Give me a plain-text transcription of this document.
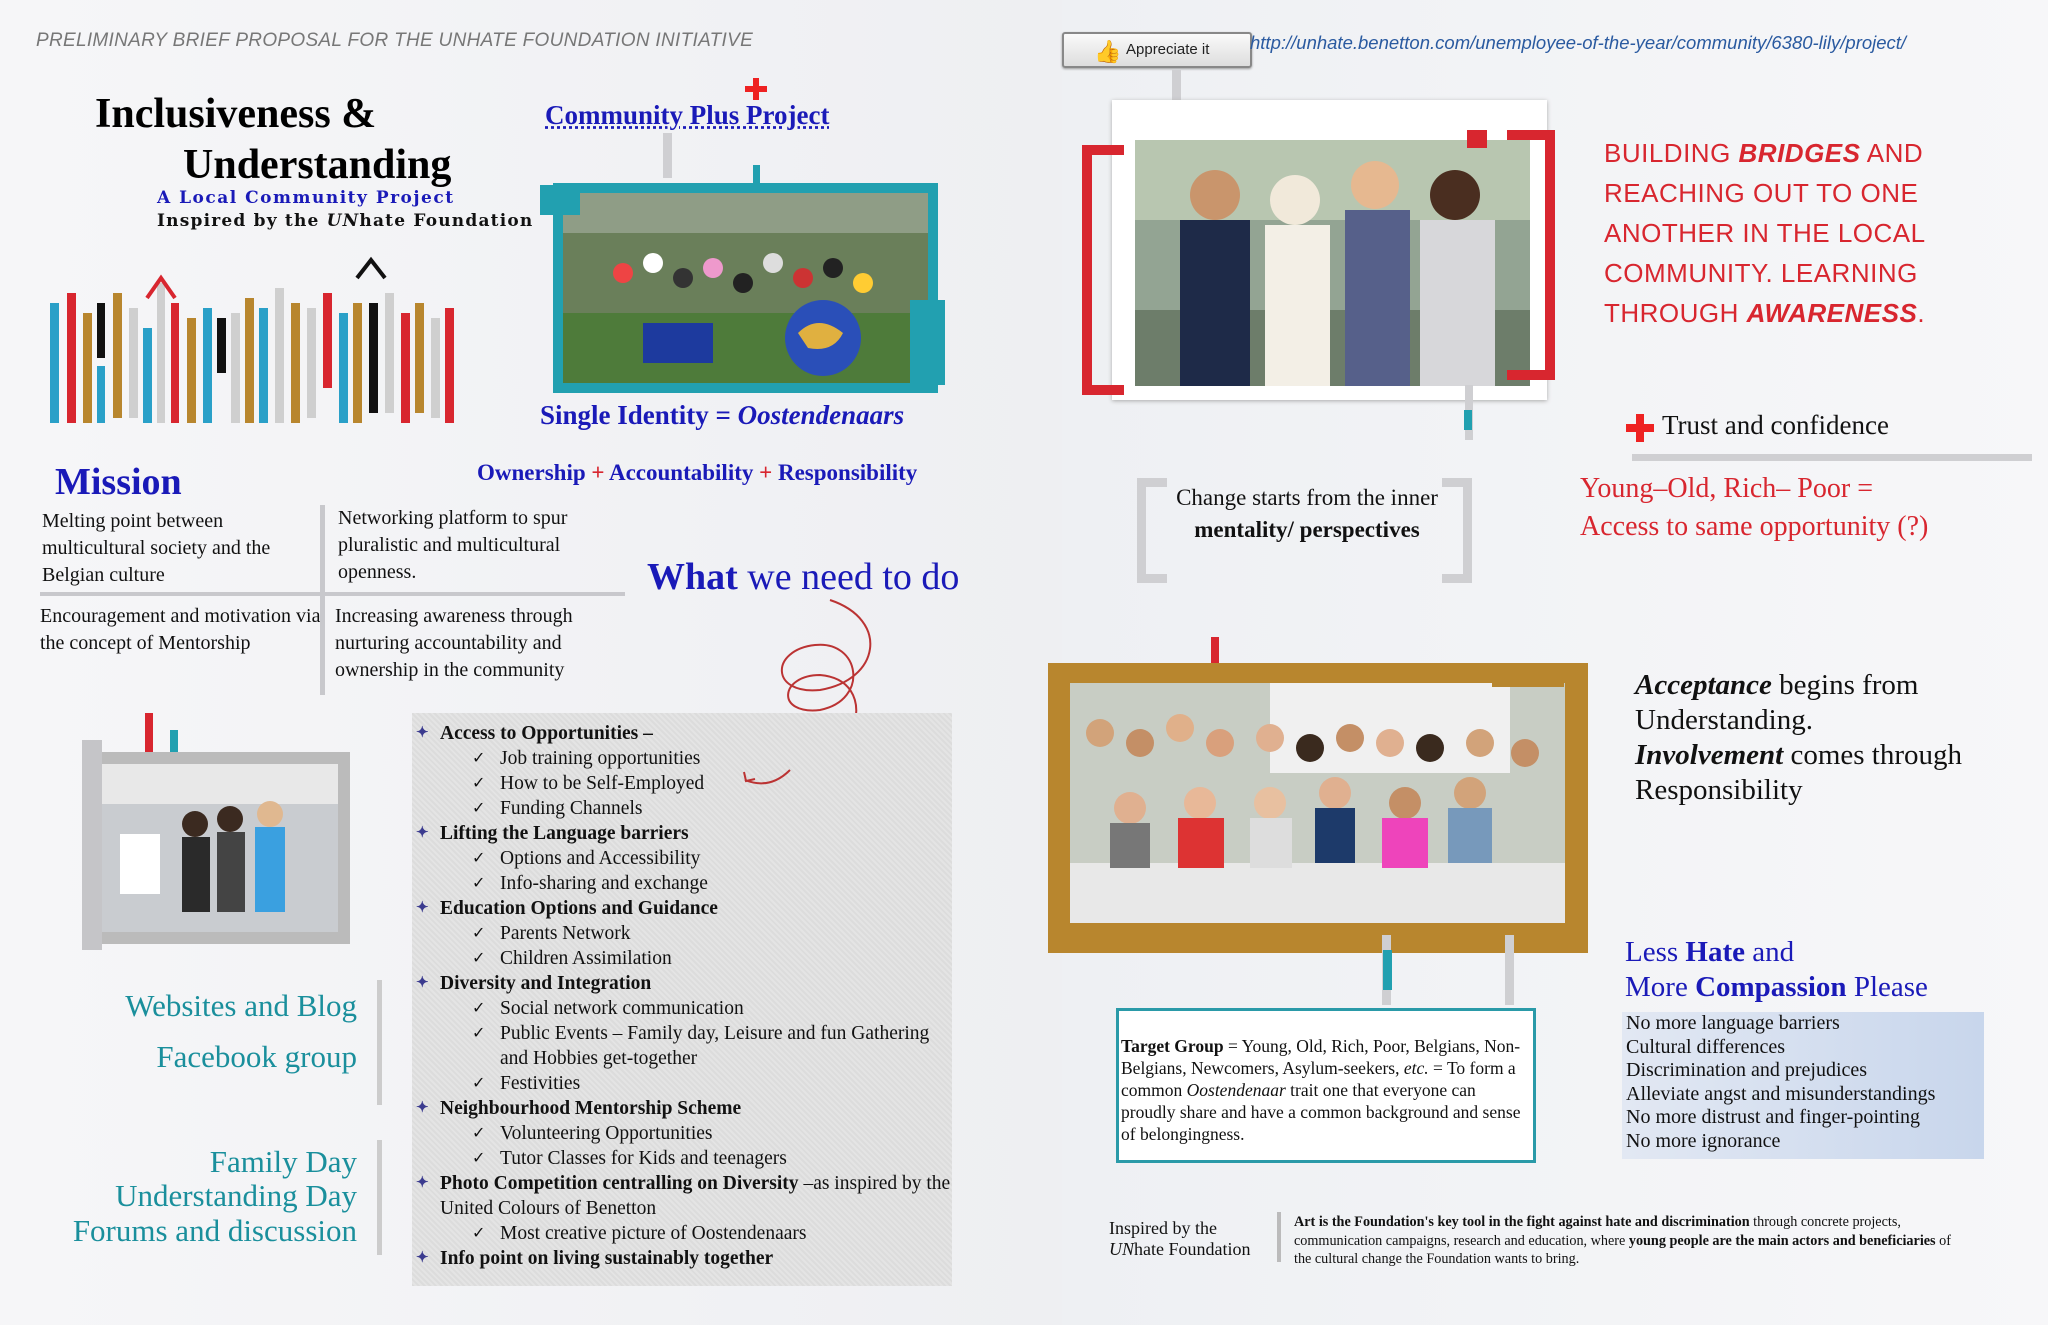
PRELIMINARY BRIEF PROPOSAL FOR THE UNHATE FOUNDATION INITIATIVE
Inclusiveness &
Understanding
A Local Community Project
Inspired by the UNhate Foundation
Community Plus Project
Single Identity = Oostendenaars
Ownership + Accountability + Responsibility
Mission
Melting point between multicultural society and the Belgian culture
Networking platform to spur pluralistic and multicultural openness.
Encouragement and motivation via the concept of Mentorship
Increasing awareness through nurturing accountability and ownership in the community
What we need to do
Websites and Blog
Facebook group
Family Day
Understanding Day
Forums and discussion
✦ Access to Opportunities –
✓ Job training opportunities
✓ How to be Self-Employed
✓ Funding Channels
✦ Lifting the Language barriers
✓ Options and Accessibility
✓ Info-sharing and exchange
✦ Education Options and Guidance
✓ Parents Network
✓ Children Assimilation
✦ Diversity and Integration
✓ Social network communication
✓ Public Events – Family day, Leisure and fun Gathering and Hobbies get-together
✓ Festivities
✦ Neighbourhood Mentorship Scheme
✓ Volunteering Opportunities
✓ Tutor Classes for Kids and teenagers
✦ Photo Competition centralling on Diversity –as inspired by the United Colours of Benetton
✓ Most creative picture of Oostendenaars
✦ Info point on living sustainably together
👍 Appreciate it	http://unhate.benetton.com/unemployee-of-the-year/community/6380-lily/project/
BUILDING BRIDGES AND REACHING OUT TO ONE ANOTHER IN THE LOCAL COMMUNITY. LEARNING THROUGH AWARENESS.
Trust and confidence
Young–Old, Rich– Poor =
Access to same opportunity (?)
Change starts from the inner mentality/ perspectives
Acceptance begins from Understanding.
Involvement comes through Responsibility
Less Hate and
More Compassion Please
No more language barriers
Cultural differences
Discrimination and prejudices
Alleviate angst and misunderstandings
No more distrust and finger-pointing
No more ignorance
Target Group = Young, Old, Rich, Poor, Belgians, Non-Belgians, Newcomers, Asylum-seekers, etc. = To form a common Oostendenaar trait one that everyone can proudly share and have a common background and sense of belongingness.
Inspired by the
UNhate Foundation
Art is the Foundation's key tool in the fight against hate and discrimination through concrete projects, communication campaigns, research and education, where young people are the main actors and beneficiaries of the cultural change the Foundation wants to bring.
